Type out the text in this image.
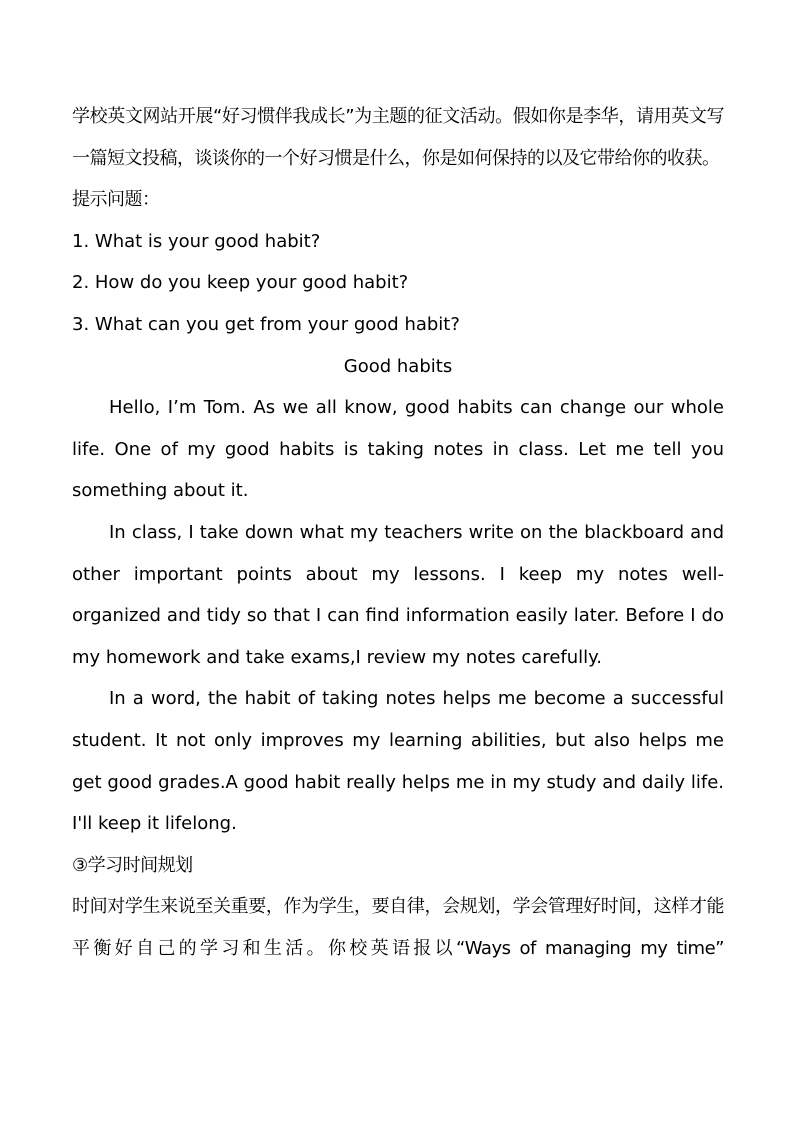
学校英文网站开展“好习惯伴我成长”为主题的征文活动。假如你是李华，请用英文写一篇短文投稿，谈谈你的一个好习惯是什么，你是如何保持的以及它带给你的收获。

提示问题：

1. What is your good habit?

2. How do you keep your good habit?

3. What can you get from your good habit?

Good habits

Hello, I’m Tom. As we all know, good habits can change our whole life. One of my good habits is taking notes in class. Let me tell you something about it.

In class, I take down what my teachers write on the blackboard and other important points about my lessons. I keep my notes well-organized and tidy so that I can find information easily later. Before I do my homework and take exams,I review my notes carefully.

In a word, the habit of taking notes helps me become a successful student. It not only improves my learning abilities, but also helps me get good grades.A good habit really helps me in my study and daily life. I'll keep it lifelong.

③学习时间规划

时间对学生来说至关重要，作为学生，要自律，会规划，学会管理好时间，这样才能平衡好自己的学习和生活。你校英语报以“Ways of managing my time”
